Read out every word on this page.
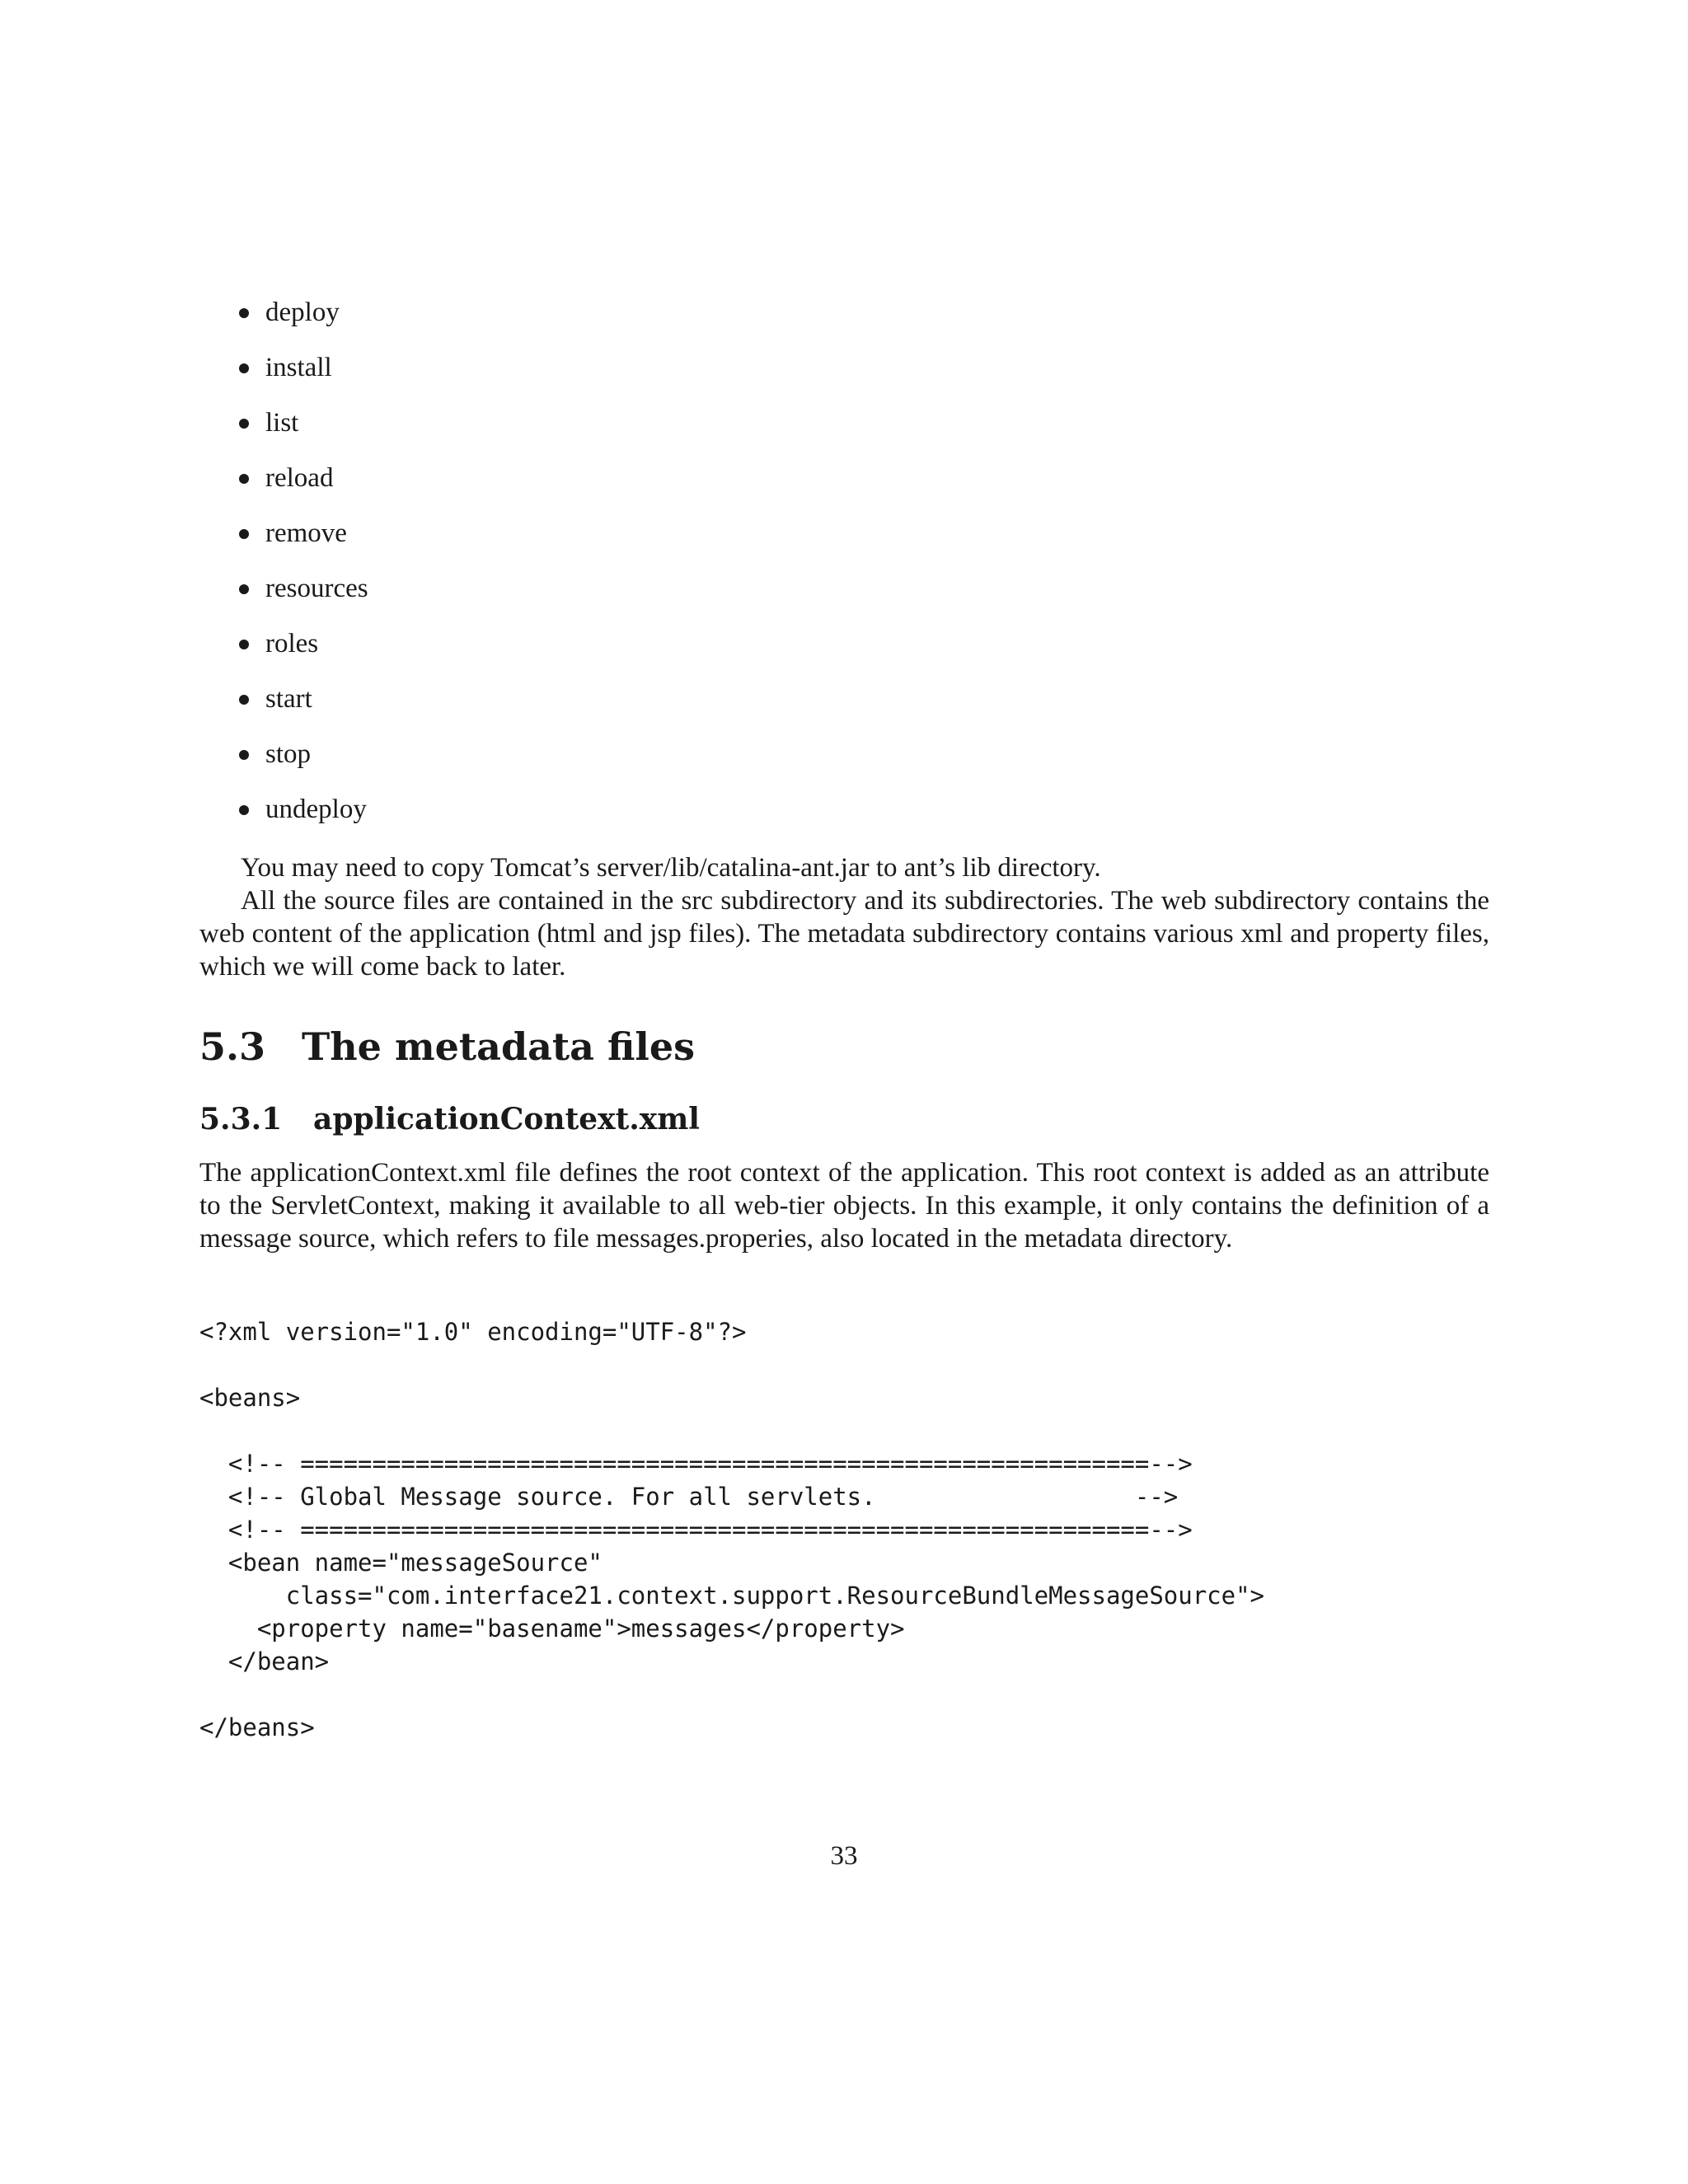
deploy
install
list
reload
remove
resources
roles
start
stop
undeploy

You may need to copy Tomcat’s server/lib/catalina-ant.jar to ant’s lib directory.

All the source files are contained in the src subdirectory and its subdirectories. The web subdirectory contains the web content of the application (html and jsp files). The metadata subdirectory contains various xml and property files, which we will come back to later.

5.3 The metadata files
5.3.1 applicationContext.xml

The applicationContext.xml file defines the root context of the application. This root context is added as an attribute to the ServletContext, making it available to all web-tier objects. In this example, it only contains the definition of a message source, which refers to file messages.properies, also located in the metadata directory.

<?xml version="1.0" encoding="UTF-8"?>

<beans>

<!-- ===========================================================-->
<!-- Global Message source. For all servlets.                  -->
<!-- ===========================================================-->
<bean name="messageSource"
class="com.interface21.context.support.ResourceBundleMessageSource">
<property name="basename">messages</property>
</bean>

</beans>
33
